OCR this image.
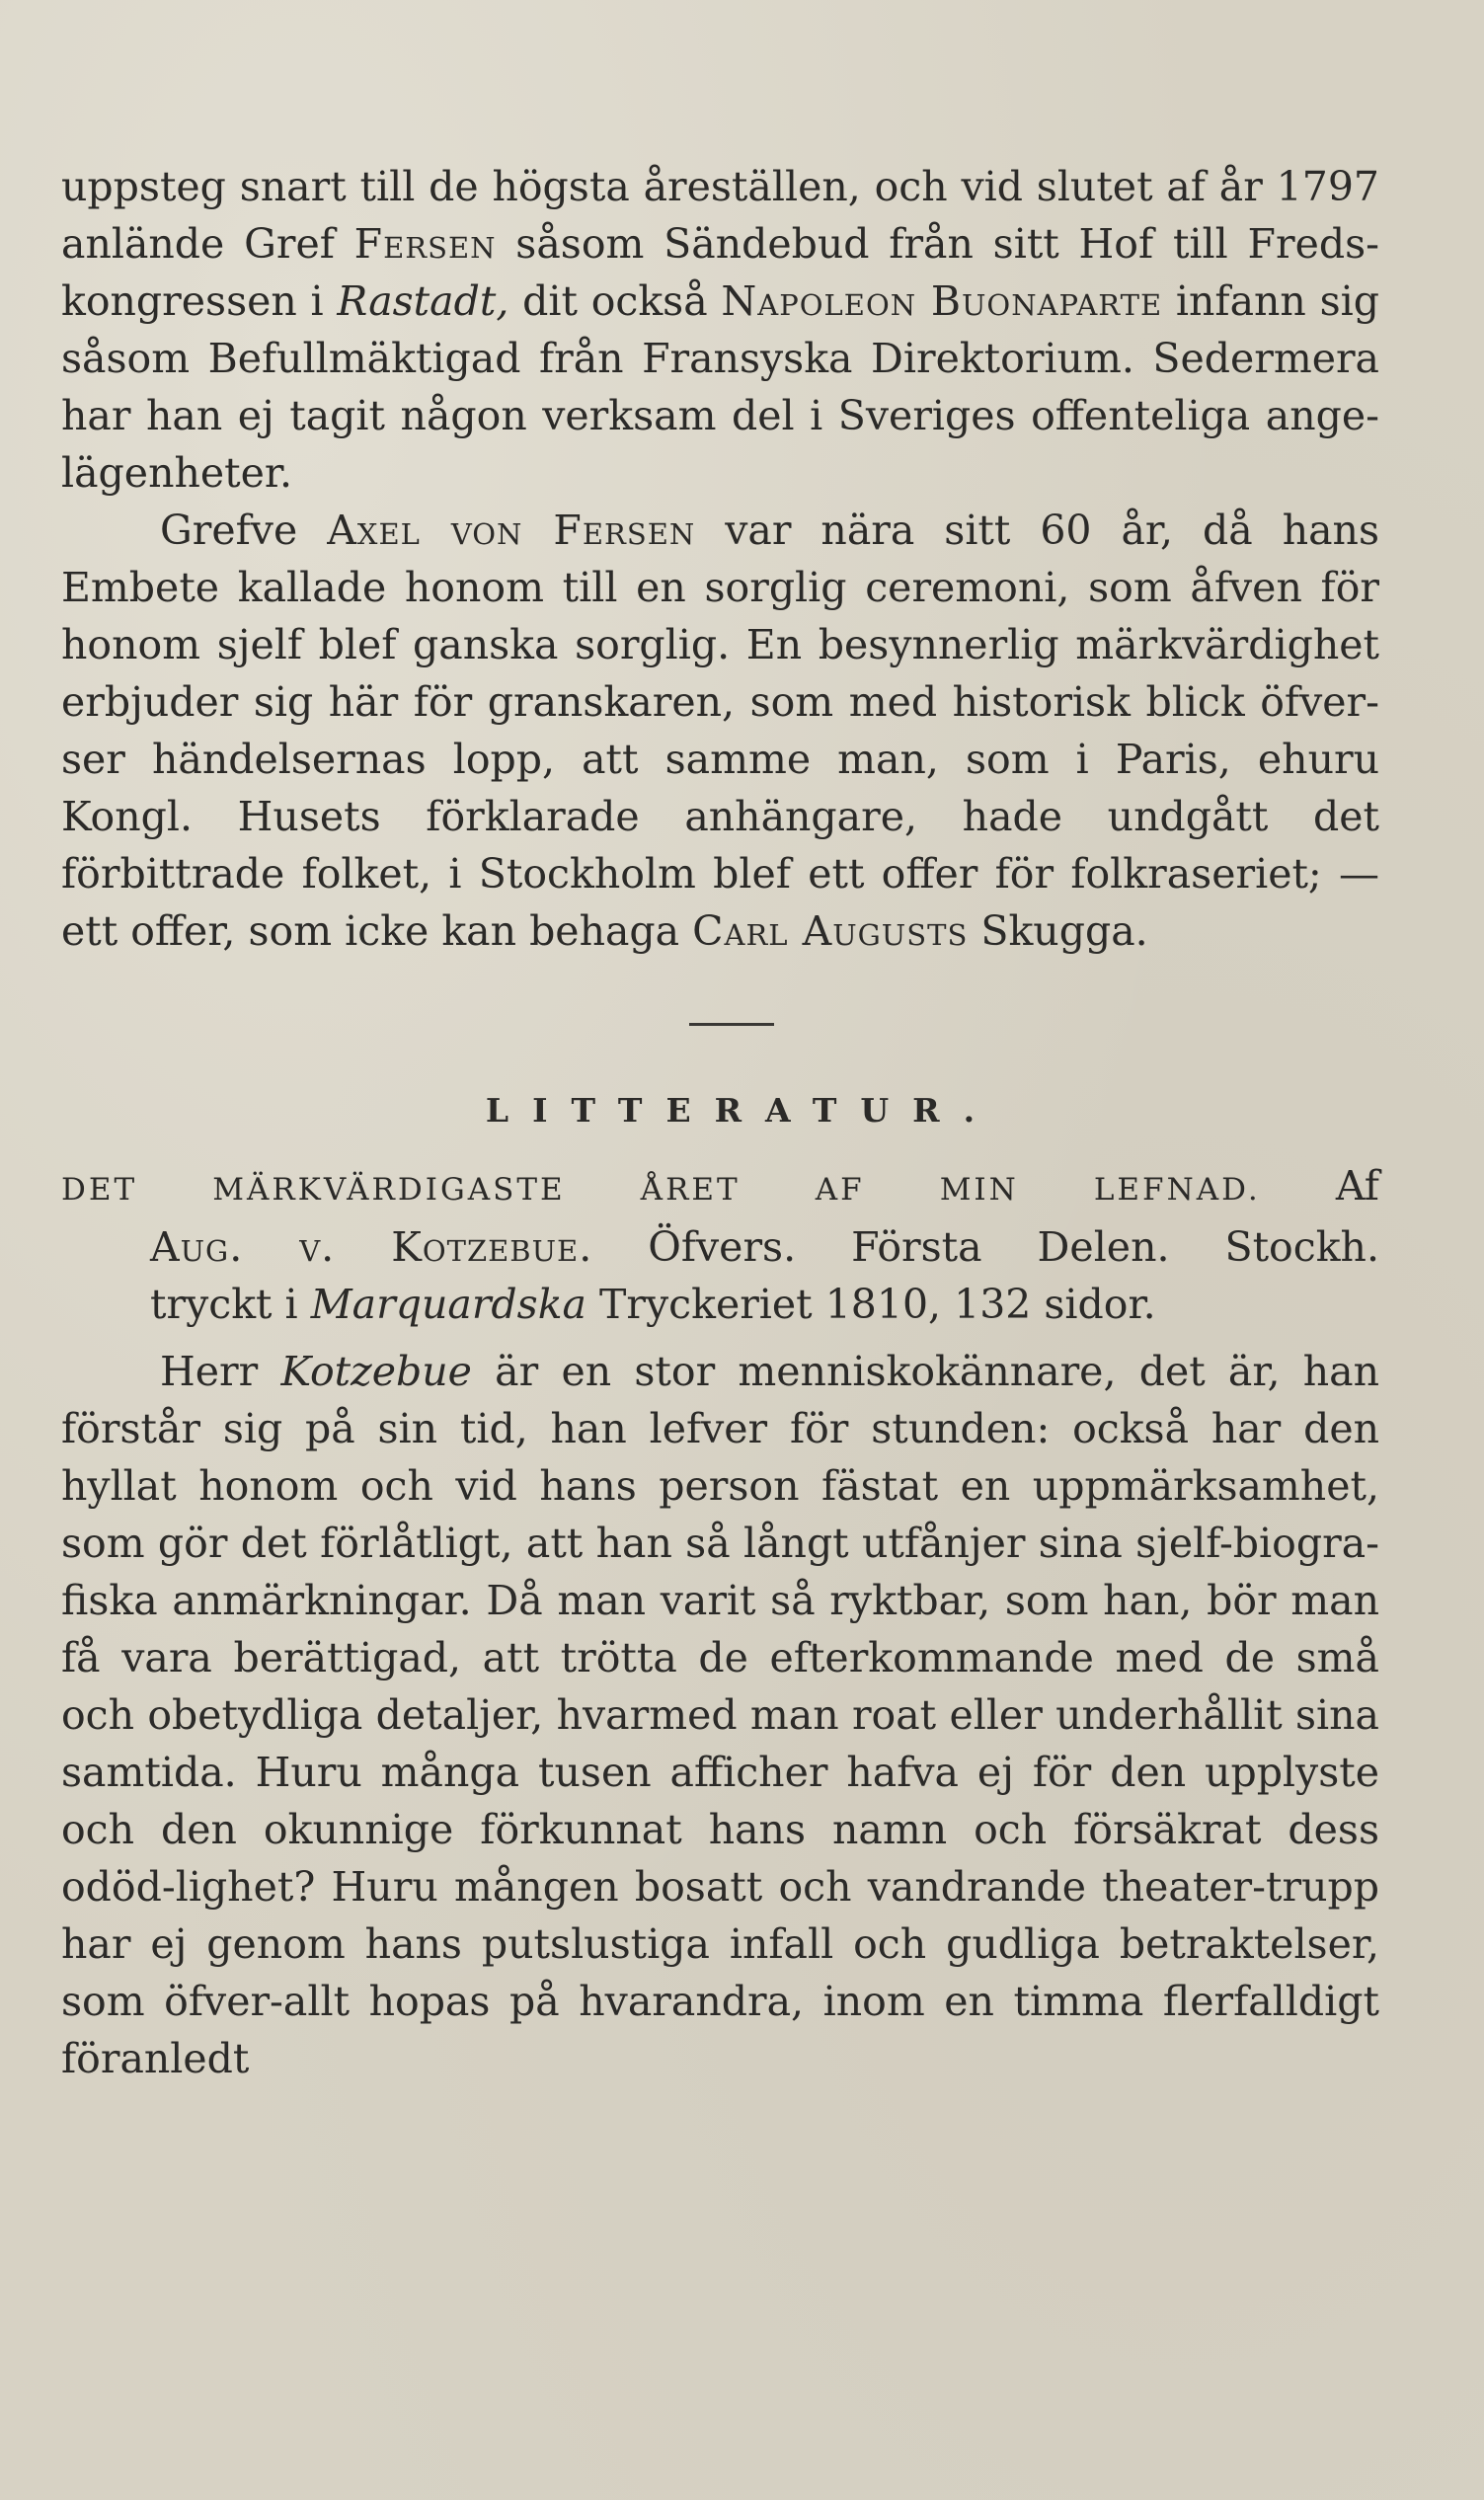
uppsteg snart till de högsta åreställen, och vid slutet af år 1797 anlände Gref Fersen såsom Sändebud från sitt Hof till Freds-kongressen i Rastadt, dit också Napoleon Buonaparte infann sig såsom Befullmäktigad från Fransyska Direktorium. Sedermera har han ej tagit någon verksam del i Sveriges offenteliga ange-lägenheter.

Grefve Axel von Fersen var nära sitt 60 år, då hans Embete kallade honom till en sorglig ceremoni, som åfven för honom sjelf blef ganska sorglig. En besynnerlig märkvärdighet erbjuder sig här för granskaren, som med historisk blick öfver-ser händelsernas lopp, att samme man, som i Paris, ehuru Kongl. Husets förklarade anhängare, hade undgått det förbittrade folket, i Stockholm blef ett offer för folkraseriet; — ett offer, som icke kan behaga Carl Augusts Skugga.

LITTERATUR.
DET MÄRKVÄRDIGASTE ÅRET AF MIN LEFNAD. Af
Aug. v. Kotzebue. Öfvers. Första Delen. Stockh.
tryckt i Marquardska Tryckeriet 1810, 132 sidor.

Herr Kotzebue är en stor menniskokännare, det är, han förstår sig på sin tid, han lefver för stunden: också har den hyllat honom och vid hans person fästat en uppmärksamhet, som gör det förlåtligt, att han så långt utfånjer sina sjelf-biogra-fiska anmärkningar. Då man varit så ryktbar, som han, bör man få vara berättigad, att trötta de efterkommande med de små och obetydliga detaljer, hvarmed man roat eller underhållit sina samtida. Huru många tusen afficher hafva ej för den upplyste och den okunnige förkunnat hans namn och försäkrat dess odöd-lighet? Huru mången bosatt och vandrande theater-trupp har ej genom hans putslustiga infall och gudliga betraktelser, som öfver-allt hopas på hvarandra, inom en timma flerfalldigt föranledt
